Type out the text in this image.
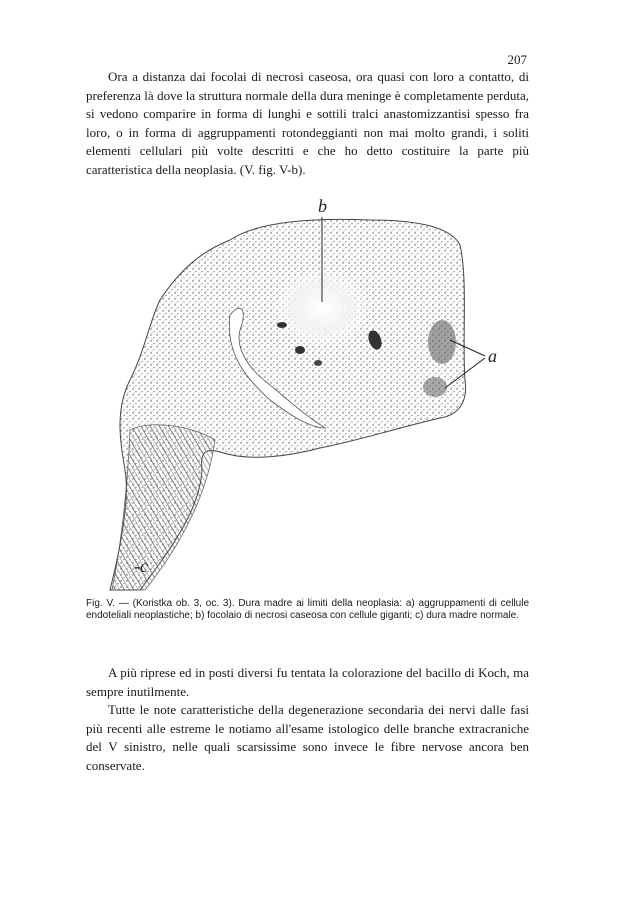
207

Ora a distanza dai focolai di necrosi caseosa, ora quasi con loro a contatto, di preferenza là dove la struttura normale della dura meninge è completamente perduta, si vedono comparire in forma di lunghi e sottili tralci anastomizzantisi spesso fra loro, o in forma di aggruppamenti rotondeggianti non mai molto grandi, i soliti elementi cellulari più volte descritti e che ho detto costituire la parte più caratteristica della neoplasia. (V. fig. V-b).

b
a
-c

Fig. V. — (Koristka ob. 3, oc. 3). Dura madre ai limiti della neoplasia: a) aggruppamenti di cellule endoteliali neoplastiche; b) focolaio di necrosi caseosa con cellule giganti; c) dura madre normale.

A più riprese ed in posti diversi fu tentata la colorazione del bacillo di Koch, ma sempre inutilmente.

Tutte le note caratteristiche della degenerazione secondaria dei nervi dalle fasi più recenti alle estreme le notiamo all'esame istologico delle branche extracraniche del V sinistro, nelle quali scarsissime sono invece le fibre nervose ancora ben conservate.
